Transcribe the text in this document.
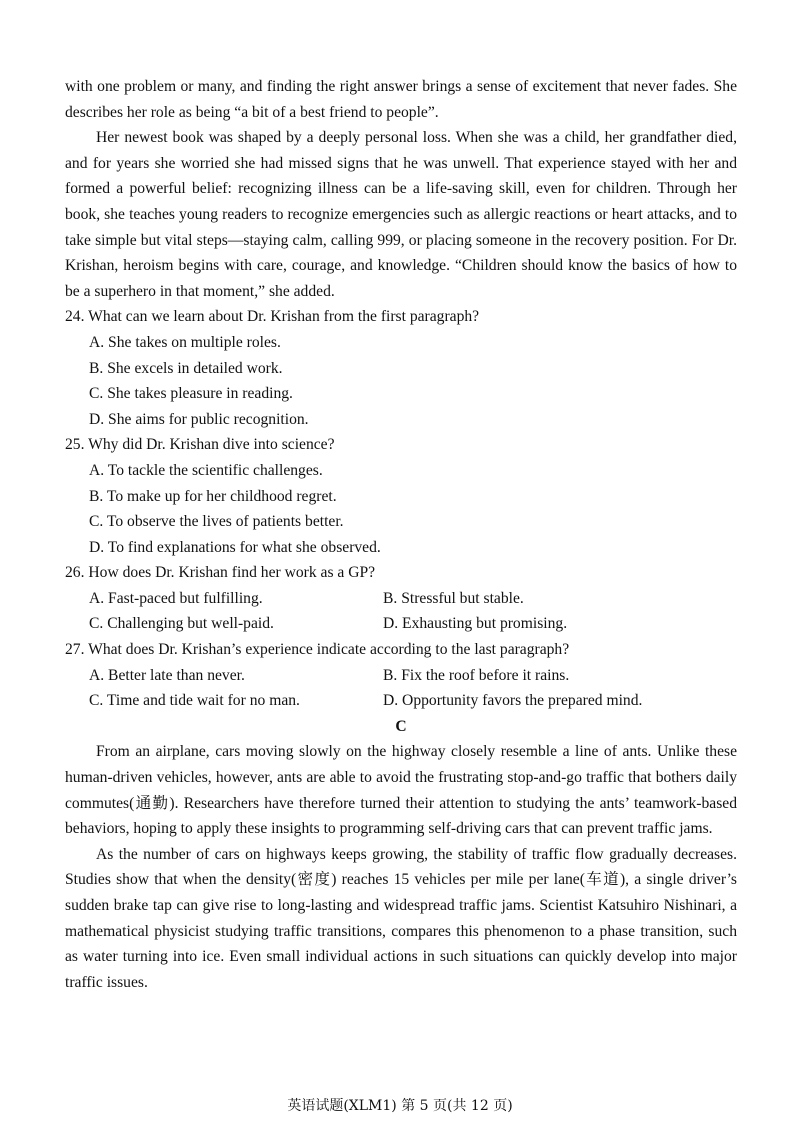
with one problem or many, and finding the right answer brings a sense of excitement that never fades. She describes her role as being “a bit of a best friend to people”.

Her newest book was shaped by a deeply personal loss. When she was a child, her grandfather died, and for years she worried she had missed signs that he was unwell. That experience stayed with her and formed a powerful belief: recognizing illness can be a life-saving skill, even for children. Through her book, she teaches young readers to recognize emergencies such as allergic reactions or heart attacks, and to take simple but vital steps—staying calm, calling 999, or placing someone in the recovery position. For Dr. Krishan, heroism begins with care, courage, and knowledge. “Children should know the basics of how to be a superhero in that moment,” she added.

24. What can we learn about Dr. Krishan from the first paragraph?

A. She takes on multiple roles.

B. She excels in detailed work.

C. She takes pleasure in reading.

D. She aims for public recognition.

25. Why did Dr. Krishan dive into science?

A. To tackle the scientific challenges.

B. To make up for her childhood regret.

C. To observe the lives of patients better.

D. To find explanations for what she observed.

26. How does Dr. Krishan find her work as a GP?

A. Fast-paced but fulfilling.	B. Stressful but stable.
C. Challenging but well-paid.	D. Exhausting but promising.

27. What does Dr. Krishan’s experience indicate according to the last paragraph?

A. Better late than never.	B. Fix the roof before it rains.
C. Time and tide wait for no man.	D. Opportunity favors the prepared mind.

C

From an airplane, cars moving slowly on the highway closely resemble a line of ants. Unlike these human-driven vehicles, however, ants are able to avoid the frustrating stop-and-go traffic that bothers daily commutes(通勤). Researchers have therefore turned their attention to studying the ants’ teamwork-based behaviors, hoping to apply these insights to programming self-driving cars that can prevent traffic jams.

As the number of cars on highways keeps growing, the stability of traffic flow gradually decreases. Studies show that when the density(密度) reaches 15 vehicles per mile per lane(车道), a single driver’s sudden brake tap can give rise to long-lasting and widespread traffic jams. Scientist Katsuhiro Nishinari, a mathematical physicist studying traffic transitions, compares this phenomenon to a phase transition, such as water turning into ice. Even small individual actions in such situations can quickly develop into major traffic issues.

英语试题(XLM1) 第 5 页(共 12 页)
